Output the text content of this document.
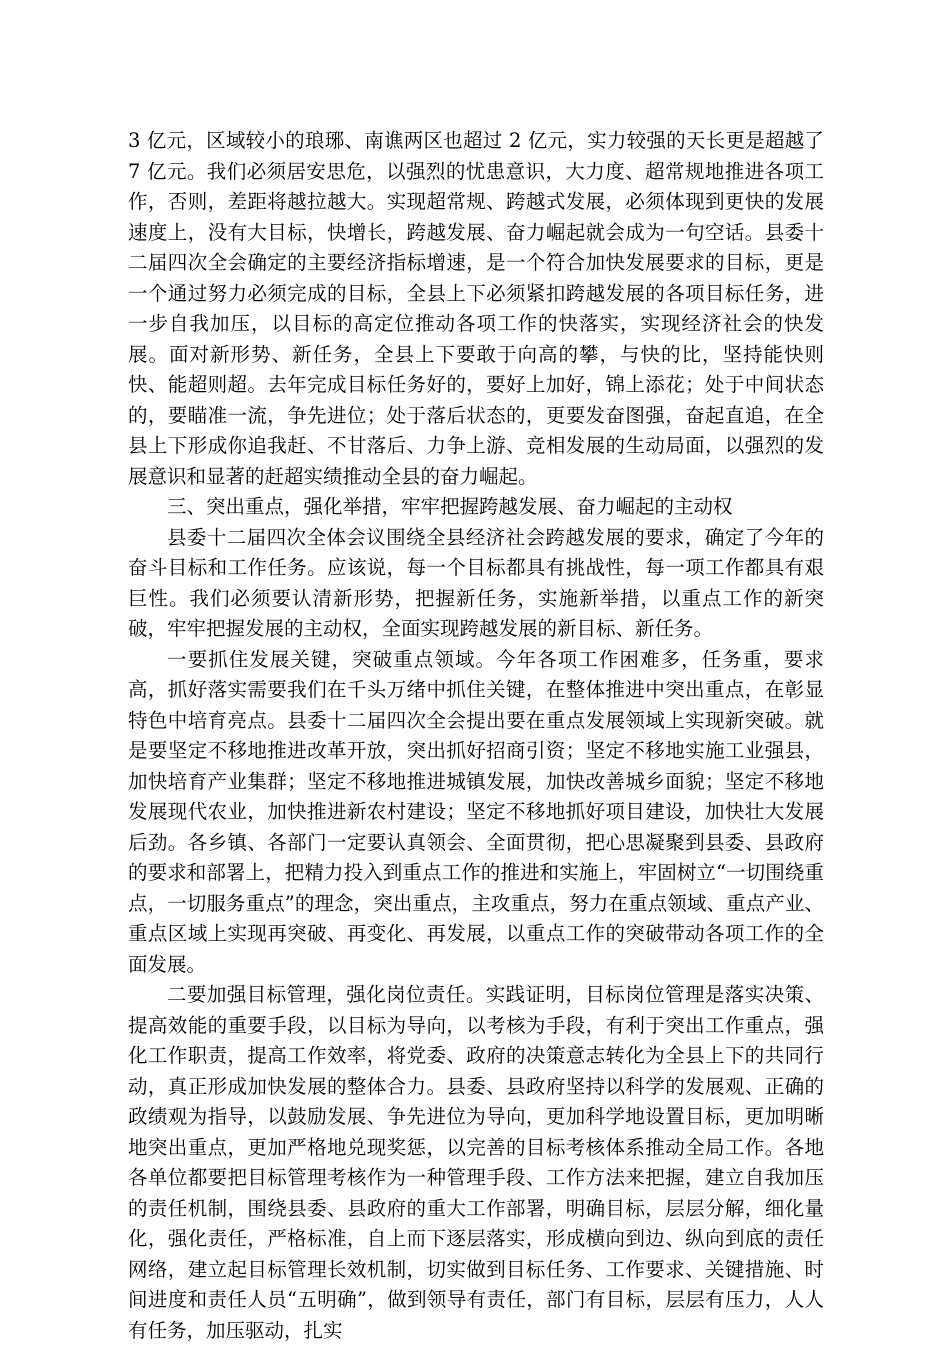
3 亿元，区域较小的琅琊、南谯两区也超过 2 亿元，实力较强的天长更是超越了 7 亿元。我们必须居安思危，以强烈的忧患意识，大力度、超常规地推进各项工作，否则，差距将越拉越大。实现超常规、跨越式发展，必须体现到更快的发展速度上，没有大目标，快增长，跨越发展、奋力崛起就会成为一句空话。县委十二届四次全会确定的主要经济指标增速，是一个符合加快发展要求的目标，更是一个通过努力必须完成的目标，全县上下必须紧扣跨越发展的各项目标任务，进一步自我加压，以目标的高定位推动各项工作的快落实，实现经济社会的快发展。面对新形势、新任务，全县上下要敢于向高的攀，与快的比，坚持能快则快、能超则超。去年完成目标任务好的，要好上加好，锦上添花；处于中间状态的，要瞄准一流，争先进位；处于落后状态的，更要发奋图强，奋起直追，在全县上下形成你追我赶、不甘落后、力争上游、竞相发展的生动局面，以强烈的发展意识和显著的赶超实绩推动全县的奋力崛起。

三、突出重点，强化举措，牢牢把握跨越发展、奋力崛起的主动权

县委十二届四次全体会议围绕全县经济社会跨越发展的要求，确定了今年的奋斗目标和工作任务。应该说，每一个目标都具有挑战性，每一项工作都具有艰巨性。我们必须要认清新形势，把握新任务，实施新举措，以重点工作的新突破，牢牢把握发展的主动权，全面实现跨越发展的新目标、新任务。

一要抓住发展关键，突破重点领域。今年各项工作困难多，任务重，要求高，抓好落实需要我们在千头万绪中抓住关键，在整体推进中突出重点，在彰显特色中培育亮点。县委十二届四次全会提出要在重点发展领域上实现新突破。就是要坚定不移地推进改革开放，突出抓好招商引资；坚定不移地实施工业强县，加快培育产业集群；坚定不移地推进城镇发展，加快改善城乡面貌；坚定不移地发展现代农业，加快推进新农村建设；坚定不移地抓好项目建设，加快壮大发展后劲。各乡镇、各部门一定要认真领会、全面贯彻，把心思凝聚到县委、县政府的要求和部署上，把精力投入到重点工作的推进和实施上，牢固树立“一切围绕重点，一切服务重点”的理念，突出重点，主攻重点，努力在重点领域、重点产业、重点区域上实现再突破、再变化、再发展，以重点工作的突破带动各项工作的全面发展。

二要加强目标管理，强化岗位责任。实践证明，目标岗位管理是落实决策、提高效能的重要手段，以目标为导向，以考核为手段，有利于突出工作重点，强化工作职责，提高工作效率，将党委、政府的决策意志转化为全县上下的共同行动，真正形成加快发展的整体合力。县委、县政府坚持以科学的发展观、正确的政绩观为指导，以鼓励发展、争先进位为导向，更加科学地设置目标，更加明晰地突出重点，更加严格地兑现奖惩，以完善的目标考核体系推动全局工作。各地各单位都要把目标管理考核作为一种管理手段、工作方法来把握，建立自我加压的责任机制，围绕县委、县政府的重大工作部署，明确目标，层层分解，细化量化，强化责任，严格标准，自上而下逐层落实，形成横向到边、纵向到底的责任网络，建立起目标管理长效机制，切实做到目标任务、工作要求、关键措施、时间进度和责任人员“五明确”，做到领导有责任，部门有目标，层层有压力，人人有任务，加压驱动，扎实
